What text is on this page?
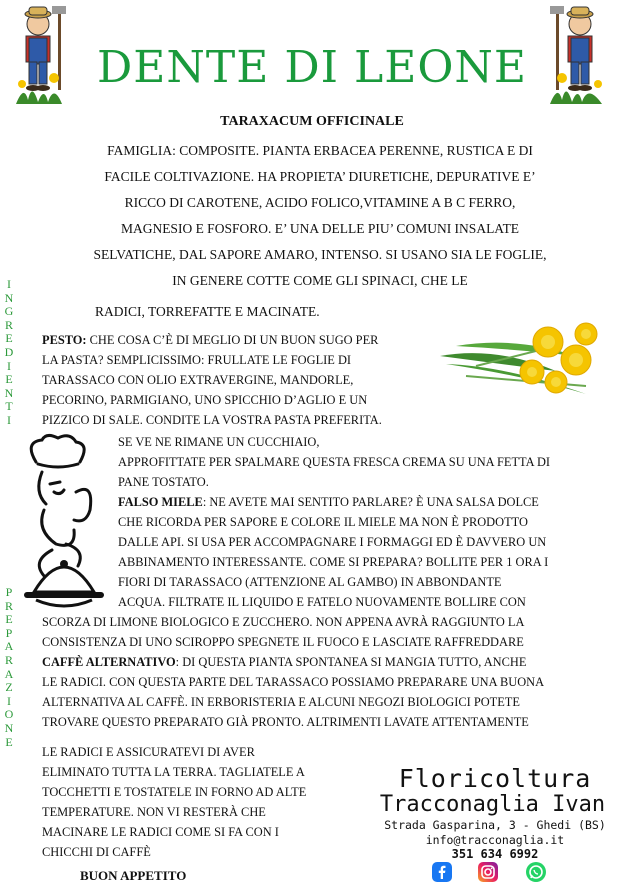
DENTE DI LEONE
TARAXACUM OFFICINALE
FAMIGLIA: COMPOSITE. PIANTA ERBACEA PERENNE, RUSTICA E DI
FACILE COLTIVAZIONE. HA PROPIETA’ DIURETICHE, DEPURATIVE E’
RICCO DI CAROTENE, ACIDO FOLICO,VITAMINE A B C FERRO,
MAGNESIO E FOSFORO. E’ UNA DELLE PIU’ COMUNI INSALATE
SELVATICHE, DAL SAPORE AMARO, INTENSO. SI USANO SIA LE FOGLIE,
IN GENERE COTTE COME GLI SPINACI, CHE LE
RADICI, TORREFATTE E MACINATE.
I
N
G
R
E
D
I
E
N
T
I
P
R
E
P
A
R
A
Z
I
O
N
E
PESTO: CHE COSA C’È DI MEGLIO DI UN BUON SUGO PER
LA PASTA? SEMPLICISSIMO: FRULLATE LE FOGLIE DI
TARASSACO CON OLIO EXTRAVERGINE, MANDORLE,
PECORINO, PARMIGIANO, UNO SPICCHIO D’AGLIO E UN
PIZZICO DI SALE. CONDITE LA VOSTRA PASTA PREFERITA.
SE VE NE RIMANE UN CUCCHIAIO,
APPROFITTATE PER SPALMARE QUESTA FRESCA CREMA SU UNA FETTA DI
PANE TOSTATO.
FALSO MIELE: NE AVETE MAI SENTITO PARLARE? È UNA SALSA DOLCE
CHE RICORDA PER SAPORE E COLORE IL MIELE MA NON È PRODOTTO
DALLE API. SI USA PER ACCOMPAGNARE I FORMAGGI ED È DAVVERO UN
ABBINAMENTO INTERESSANTE. COME SI PREPARA? BOLLITE PER 1 ORA I
FIORI DI TARASSACO (ATTENZIONE AL GAMBO) IN ABBONDANTE
ACQUA. FILTRATE IL LIQUIDO E FATELO NUOVAMENTE BOLLIRE CON
SCORZA DI LIMONE BIOLOGICO E ZUCCHERO. NON APPENA AVRÀ RAGGIUNTO LA
CONSISTENZA DI UNO SCIROPPO SPEGNETE IL FUOCO E LASCIATE RAFFREDDARE
CAFFÈ ALTERNATIVO: DI QUESTA PIANTA SPONTANEA SI MANGIA TUTTO, ANCHE
LE RADICI. CON QUESTA PARTE DEL TARASSACO POSSIAMO PREPARARE UNA BUONA
ALTERNATIVA AL CAFFÈ. IN ERBORISTERIA E ALCUNI NEGOZI BIOLOGICI POTETE
TROVARE QUESTO PREPARATO GIÀ PRONTO. ALTRIMENTI LAVATE ATTENTAMENTE
LE RADICI E ASSICURATEVI DI AVER
ELIMINATO TUTTA LA TERRA. TAGLIATELE A
TOCCHETTI E TOSTATELE IN FORNO AD ALTE
TEMPERATURE. NON VI RESTERÀ CHE
MACINARE LE RADICI COME SI FA CON I
CHICCHI DI CAFFÈ
BUON APPETITO
Floricoltura
Tracconaglia Ivan
Strada Gasparina, 3 - Ghedi (BS)
info@tracconaglia.it
351 634 6992
